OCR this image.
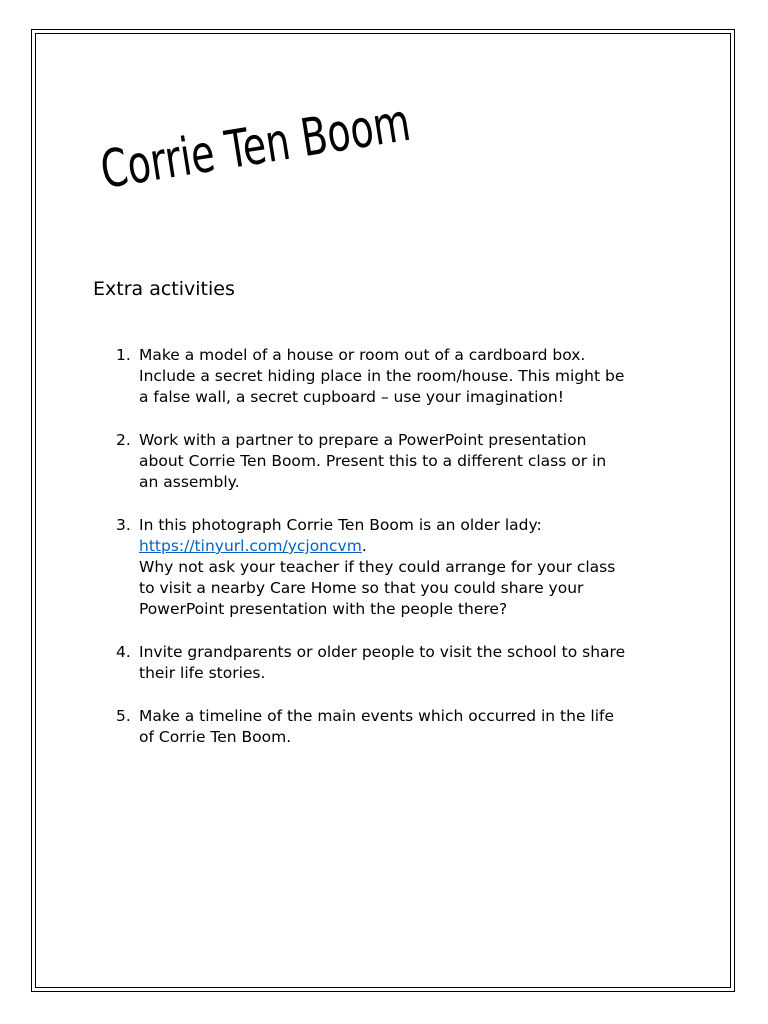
Corrie Ten Boom
Extra activities
1. Make a model of a house or room out of a cardboard box.
Include a secret hiding place in the room/house. This might be
a false wall, a secret cupboard – use your imagination!
2. Work with a partner to prepare a PowerPoint presentation
about Corrie Ten Boom. Present this to a different class or in
an assembly.
3. In this photograph Corrie Ten Boom is an older lady:
https://tinyurl.com/ycjoncvm.
Why not ask your teacher if they could arrange for your class
to visit a nearby Care Home so that you could share your
PowerPoint presentation with the people there?
4. Invite grandparents or older people to visit the school to share
their life stories.
5. Make a timeline of the main events which occurred in the life
of Corrie Ten Boom.
